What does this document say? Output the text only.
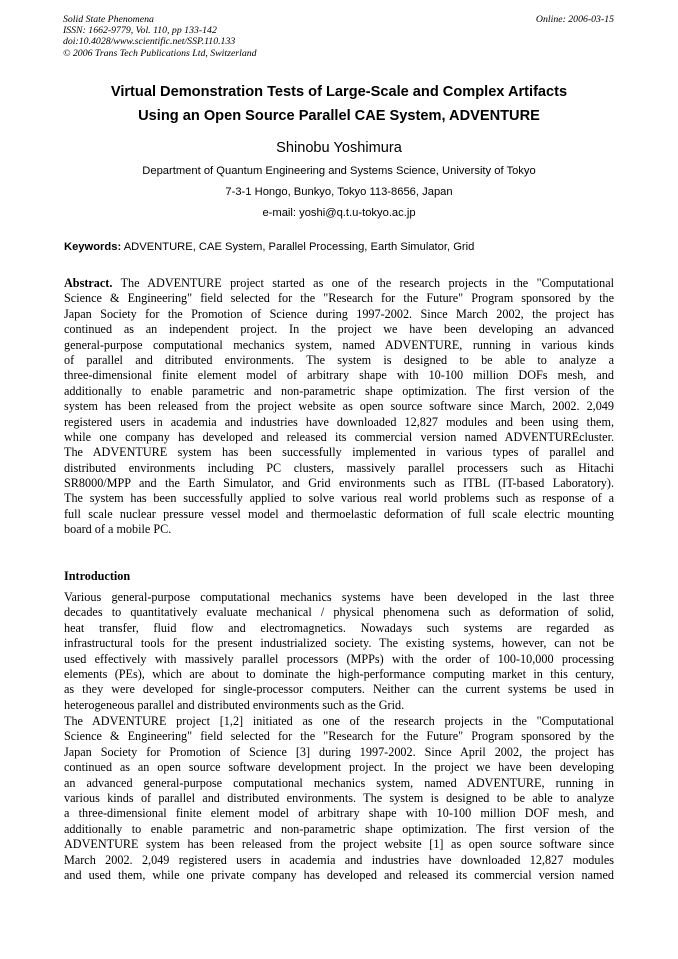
Solid State Phenomena
ISSN: 1662-9779, Vol. 110, pp 133-142
doi:10.4028/www.scientific.net/SSP.110.133
© 2006 Trans Tech Publications Ltd, Switzerland
Online: 2006-03-15
Virtual Demonstration Tests of Large-Scale and Complex Artifacts
Using an Open Source Parallel CAE System, ADVENTURE
Shinobu Yoshimura
Department of Quantum Engineering and Systems Science, University of Tokyo
7-3-1 Hongo, Bunkyo, Tokyo 113-8656, Japan
e-mail: yoshi@q.t.u-tokyo.ac.jp
Keywords: ADVENTURE, CAE System, Parallel Processing, Earth Simulator, Grid
Abstract. The ADVENTURE project started as one of the research projects in the "Computational
Science & Engineering" field selected for the "Research for the Future" Program sponsored by the
Japan Society for the Promotion of Science during 1997-2002. Since March 2002, the project has
continued as an independent project. In the project we have been developing an advanced
general-purpose computational mechanics system, named ADVENTURE, running in various kinds
of parallel and ditributed environments. The system is designed to be able to analyze a
three-dimensional finite element model of arbitrary shape with 10-100 million DOFs mesh, and
additionally to enable parametric and non-parametric shape optimization. The first version of the
system has been released from the project website as open source software since March, 2002. 2,049
registered users in academia and industries have downloaded 12,827 modules and been using them,
while one company has developed and released its commercial version named ADVENTUREcluster.
The ADVENTURE system has been successfully implemented in various types of parallel and
distributed environments including PC clusters, massively parallel processers such as Hitachi
SR8000/MPP and the Earth Simulator, and Grid environments such as ITBL (IT-based Laboratory).
The system has been successfully applied to solve various real world problems such as response of a
full scale nuclear pressure vessel model and thermoelastic deformation of full scale electric mounting
board of a mobile PC.
Introduction
Various general-purpose computational mechanics systems have been developed in the last three
decades to quantitatively evaluate mechanical / physical phenomena such as deformation of solid,
heat transfer, fluid flow and electromagnetics. Nowadays such systems are regarded as
infrastructural tools for the present industrialized society. The existing systems, however, can not be
used effectively with massively parallel processors (MPPs) with the order of 100-10,000 processing
elements (PEs), which are about to dominate the high-performance computing market in this century,
as they were developed for single-processor computers. Neither can the current systems be used in
heterogeneous parallel and distributed environments such as the Grid.
The ADVENTURE project [1,2] initiated as one of the research projects in the "Computational
Science & Engineering" field selected for the "Research for the Future" Program sponsored by the
Japan Society for Promotion of Science [3] during 1997-2002. Since April 2002, the project has
continued as an open source software development project. In the project we have been developing
an advanced general-purpose computational mechanics system, named ADVENTURE, running in
various kinds of parallel and distributed environments. The system is designed to be able to analyze
a three-dimensional finite element model of arbitrary shape with 10-100 million DOF mesh, and
additionally to enable parametric and non-parametric shape optimization. The first version of the
ADVENTURE system has been released from the project website [1] as open source software since
March 2002. 2,049 registered users in academia and industries have downloaded 12,827 modules
and used them, while one private company has developed and released its commercial version named
